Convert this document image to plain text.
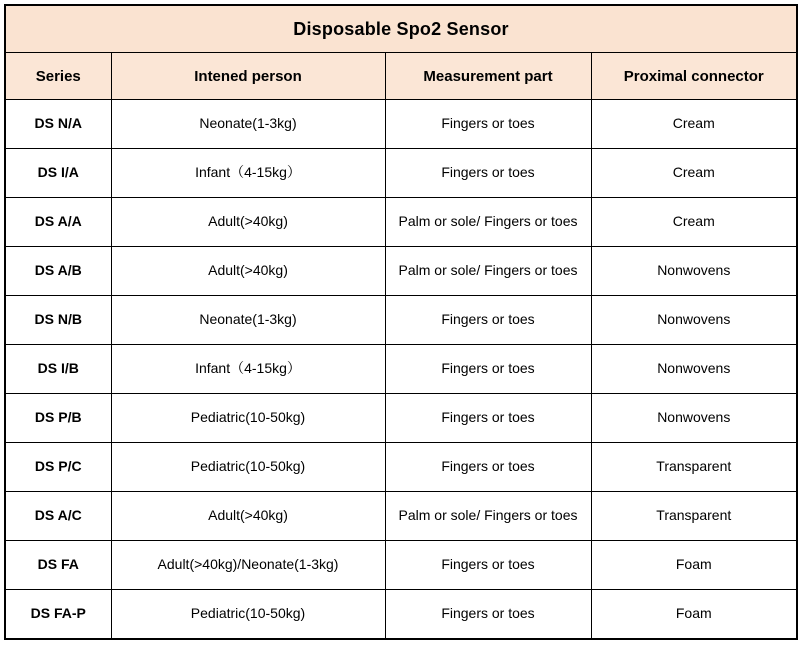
Disposable Spo2 Sensor			
Series	Intened person	Measurement part	Proximal connector
DS N/A	Neonate(1-3kg)	Fingers or toes	Cream
DS I/A	Infant（4-15kg）	Fingers or toes	Cream
DS A/A	Adult(>40kg)	Palm or sole/ Fingers or toes	Cream
DS A/B	Adult(>40kg)	Palm or sole/ Fingers or toes	Nonwovens
DS N/B	Neonate(1-3kg)	Fingers or toes	Nonwovens
DS I/B	Infant（4-15kg）	Fingers or toes	Nonwovens
DS P/B	Pediatric(10-50kg)	Fingers or toes	Nonwovens
DS P/C	Pediatric(10-50kg)	Fingers or toes	Transparent
DS A/C	Adult(>40kg)	Palm or sole/ Fingers or toes	Transparent
DS FA	Adult(>40kg)/Neonate(1-3kg)	Fingers or toes	Foam
DS FA-P	Pediatric(10-50kg)	Fingers or toes	Foam
